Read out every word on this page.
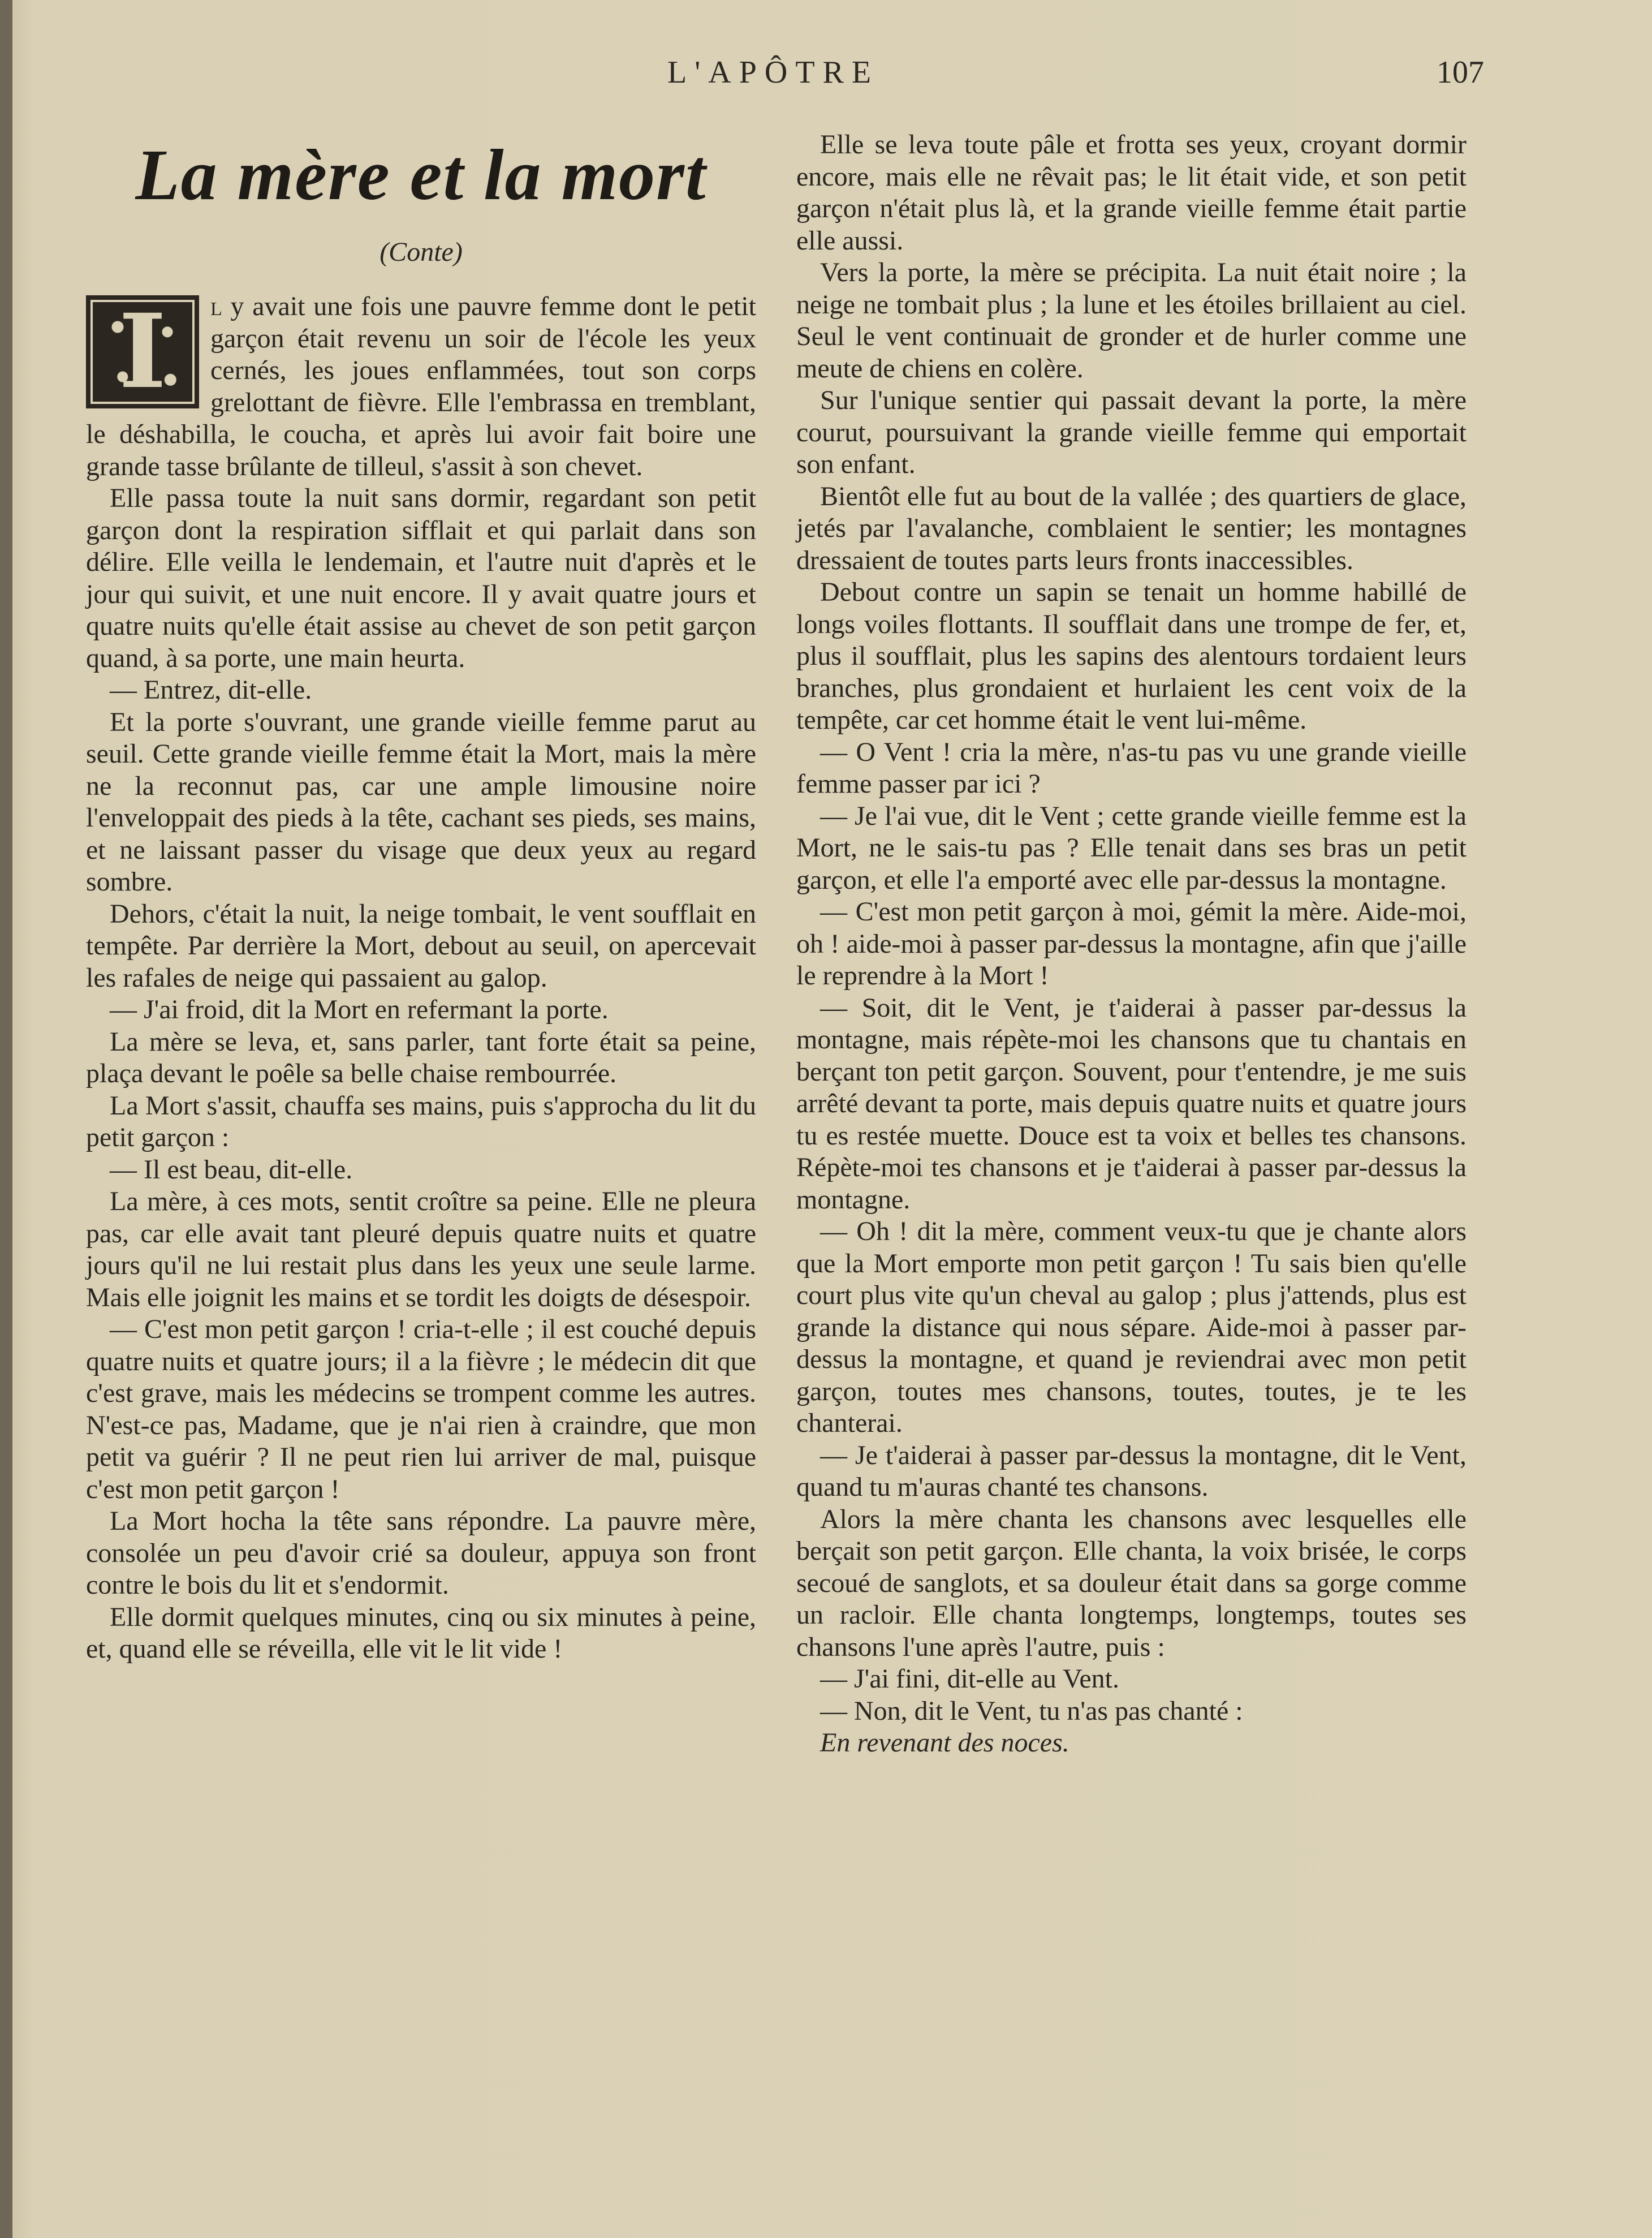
L'APÔTRE	107
La mère et la mort
(Conte)

I	l y avait une fois une pauvre femme dont le petit garçon était revenu un soir de l'école les yeux cernés, les joues enflammées, tout son corps grelottant de fièvre. Elle l'embrassa en tremblant, le déshabilla, le coucha, et après lui avoir fait boire une grande tasse brûlante de tilleul, s'assit à son chevet.

Elle passa toute la nuit sans dormir, regardant son petit garçon dont la respiration sifflait et qui parlait dans son délire. Elle veilla le lendemain, et l'autre nuit d'après et le jour qui suivit, et une nuit encore. Il y avait quatre jours et quatre nuits qu'elle était assise au chevet de son petit garçon quand, à sa porte, une main heurta.

— Entrez, dit-elle.

Et la porte s'ouvrant, une grande vieille femme parut au seuil. Cette grande vieille femme était la Mort, mais la mère ne la reconnut pas, car une ample limousine noire l'enveloppait des pieds à la tête, cachant ses pieds, ses mains, et ne laissant passer du visage que deux yeux au regard sombre.

Dehors, c'était la nuit, la neige tombait, le vent soufflait en tempête. Par derrière la Mort, debout au seuil, on apercevait les rafales de neige qui passaient au galop.

— J'ai froid, dit la Mort en refermant la porte.

La mère se leva, et, sans parler, tant forte était sa peine, plaça devant le poêle sa belle chaise rembourrée.

La Mort s'assit, chauffa ses mains, puis s'approcha du lit du petit garçon :

— Il est beau, dit-elle.

La mère, à ces mots, sentit croître sa peine. Elle ne pleura pas, car elle avait tant pleuré depuis quatre nuits et quatre jours qu'il ne lui restait plus dans les yeux une seule larme. Mais elle joignit les mains et se tordit les doigts de désespoir.

— C'est mon petit garçon ! cria-t-elle ; il est couché depuis quatre nuits et quatre jours; il a la fièvre ; le médecin dit que c'est grave, mais les médecins se trompent comme les autres. N'est-ce pas, Madame, que je n'ai rien à craindre, que mon petit va guérir ? Il ne peut rien lui arriver de mal, puisque c'est mon petit garçon !

La Mort hocha la tête sans répondre. La pauvre mère, consolée un peu d'avoir crié sa douleur, appuya son front contre le bois du lit et s'endormit.

Elle dormit quelques minutes, cinq ou six minutes à peine, et, quand elle se réveilla, elle vit le lit vide !

Elle se leva toute pâle et frotta ses yeux, croyant dormir encore, mais elle ne rêvait pas; le lit était vide, et son petit garçon n'était plus là, et la grande vieille femme était partie elle aussi.

Vers la porte, la mère se précipita. La nuit était noire ; la neige ne tombait plus ; la lune et les étoiles brillaient au ciel. Seul le vent continuait de gronder et de hurler comme une meute de chiens en colère.

Sur l'unique sentier qui passait devant la porte, la mère courut, poursuivant la grande vieille femme qui emportait son enfant.

Bientôt elle fut au bout de la vallée ; des quartiers de glace, jetés par l'avalanche, comblaient le sentier; les montagnes dressaient de toutes parts leurs fronts inaccessibles.

Debout contre un sapin se tenait un homme habillé de longs voiles flottants. Il soufflait dans une trompe de fer, et, plus il soufflait, plus les sapins des alentours tordaient leurs branches, plus grondaient et hurlaient les cent voix de la tempête, car cet homme était le vent lui-même.

— O Vent ! cria la mère, n'as-tu pas vu une grande vieille femme passer par ici ?

— Je l'ai vue, dit le Vent ; cette grande vieille femme est la Mort, ne le sais-tu pas ? Elle tenait dans ses bras un petit garçon, et elle l'a emporté avec elle par-dessus la montagne.

— C'est mon petit garçon à moi, gémit la mère. Aide-moi, oh ! aide-moi à passer par-dessus la montagne, afin que j'aille le reprendre à la Mort !

— Soit, dit le Vent, je t'aiderai à passer par-dessus la montagne, mais répète-moi les chansons que tu chantais en berçant ton petit garçon. Souvent, pour t'entendre, je me suis arrêté devant ta porte, mais depuis quatre nuits et quatre jours tu es restée muette. Douce est ta voix et belles tes chansons. Répète-moi tes chansons et je t'aiderai à passer par-dessus la montagne.

— Oh ! dit la mère, comment veux-tu que je chante alors que la Mort emporte mon petit garçon ! Tu sais bien qu'elle court plus vite qu'un cheval au galop ; plus j'attends, plus est grande la distance qui nous sépare. Aide-moi à passer par-dessus la montagne, et quand je reviendrai avec mon petit garçon, toutes mes chansons, toutes, toutes, je te les chanterai.

— Je t'aiderai à passer par-dessus la montagne, dit le Vent, quand tu m'auras chanté tes chansons.

Alors la mère chanta les chansons avec lesquelles elle berçait son petit garçon. Elle chanta, la voix brisée, le corps secoué de sanglots, et sa douleur était dans sa gorge comme un racloir. Elle chanta longtemps, longtemps, toutes ses chansons l'une après l'autre, puis :

— J'ai fini, dit-elle au Vent.

— Non, dit le Vent, tu n'as pas chanté :

En revenant des noces.
